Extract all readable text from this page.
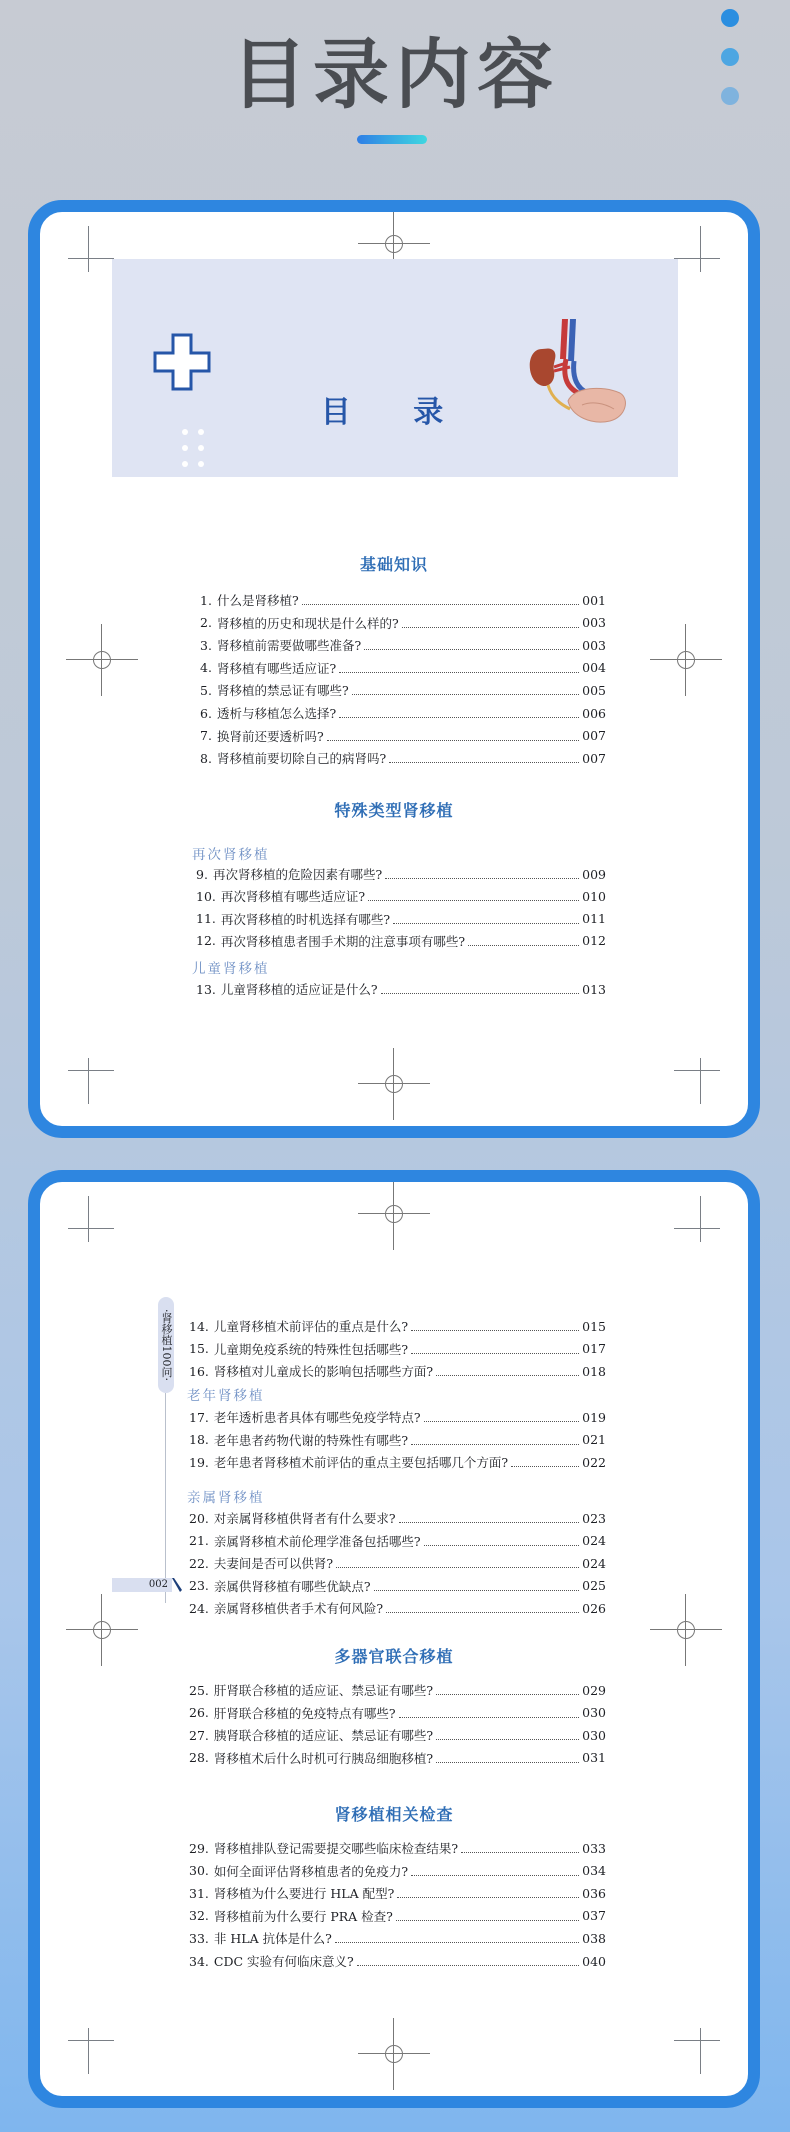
目录内容
目 录
基础知识
1. 什么是肾移植?	001
2. 肾移植的历史和现状是什么样的?	003
3. 肾移植前需要做哪些准备?	003
4. 肾移植有哪些适应证?	004
5. 肾移植的禁忌证有哪些?	005
6. 透析与移植怎么选择?	006
7. 换肾前还要透析吗?	007
8. 肾移植前要切除自己的病肾吗?	007
特殊类型肾移植
再次肾移植
9. 再次肾移植的危险因素有哪些?	009
10. 再次肾移植有哪些适应证?	010
11. 再次肾移植的时机选择有哪些?	011
12. 再次肾移植患者围手术期的注意事项有哪些?	012
儿童肾移植
13. 儿童肾移植的适应证是什么?	013
·肾移植100问·
002
14. 儿童肾移植术前评估的重点是什么?	015
15. 儿童期免疫系统的特殊性包括哪些?	017
16. 肾移植对儿童成长的影响包括哪些方面?	018
老年肾移植
17. 老年透析患者具体有哪些免疫学特点?	019
18. 老年患者药物代谢的特殊性有哪些?	021
19. 老年患者肾移植术前评估的重点主要包括哪几个方面?	022
亲属肾移植
20. 对亲属肾移植供肾者有什么要求?	023
21. 亲属肾移植术前伦理学准备包括哪些?	024
22. 夫妻间是否可以供肾?	024
23. 亲属供肾移植有哪些优缺点?	025
24. 亲属肾移植供者手术有何风险?	026
多器官联合移植
25. 肝肾联合移植的适应证、禁忌证有哪些?	029
26. 肝肾联合移植的免疫特点有哪些?	030
27. 胰肾联合移植的适应证、禁忌证有哪些?	030
28. 肾移植术后什么时机可行胰岛细胞移植?	031
肾移植相关检查
29. 肾移植排队登记需要提交哪些临床检查结果?	033
30. 如何全面评估肾移植患者的免疫力?	034
31. 肾移植为什么要进行 HLA 配型?	036
32. 肾移植前为什么要行 PRA 检查?	037
33. 非 HLA 抗体是什么?	038
34. CDC 实验有何临床意义?	040
